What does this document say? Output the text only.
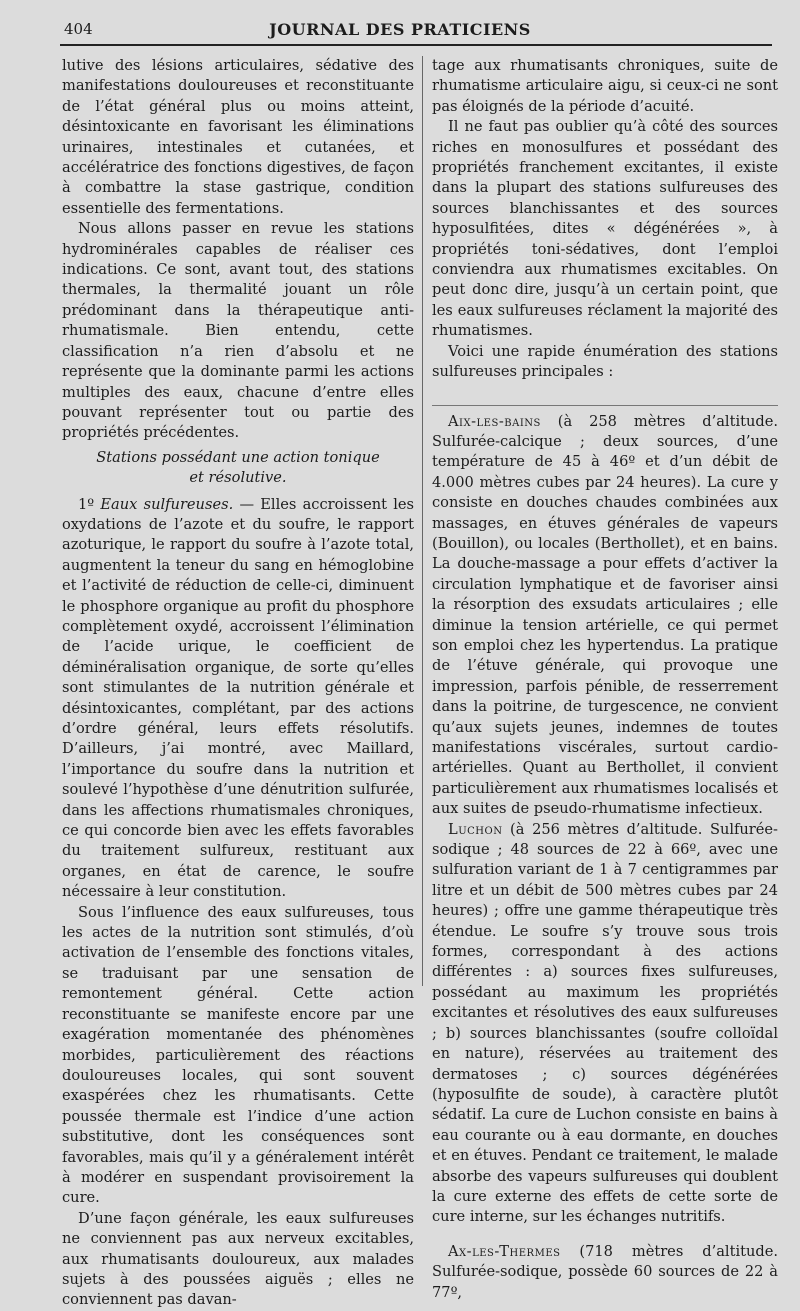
404	JOURNAL DES PRATICIENS

lutive des lésions articulaires, sédative des manifestations douloureuses et reconstituante de l’état général plus ou moins atteint, désintoxicante en favorisant les éliminations urinaires, intestinales et cutanées, et accélératrice des fonctions digestives, de façon à combattre la stase gastrique, condition essentielle des fermentations.

Nous allons passer en revue les stations hydrominérales capables de réaliser ces indications. Ce sont, avant tout, des stations thermales, la thermalité jouant un rôle prédominant dans la thérapeutique anti-rhumatismale. Bien entendu, cette classification n’a rien d’absolu et ne représente que la dominante parmi les actions multiples des eaux, chacune d’entre elles pouvant représenter tout ou partie des propriétés précédentes.

Stations possédant une action tonique
et résolutive.

1º Eaux sulfureuses. — Elles accroissent les oxydations de l’azote et du soufre, le rapport azoturique, le rapport du soufre à l’azote total, augmentent la teneur du sang en hémoglobine et l’activité de réduction de celle-ci, diminuent le phosphore organique au profit du phosphore complètement oxydé, accroissent l’élimination de l’acide urique, le coefficient de déminéralisation organique, de sorte qu’elles sont stimulantes de la nutrition générale et désintoxicantes, complétant, par des actions d’ordre général, leurs effets résolutifs. D’ailleurs, j’ai montré, avec Maillard, l’importance du soufre dans la nutrition et soulevé l’hypothèse d’une dénutrition sulfurée, dans les affections rhumatismales chroniques, ce qui concorde bien avec les effets favorables du traitement sulfureux, restituant aux organes, en état de carence, le soufre nécessaire à leur constitution.

Sous l’influence des eaux sulfureuses, tous les actes de la nutrition sont stimulés, d’où activation de l’ensemble des fonctions vitales, se traduisant par une sensation de remontement général. Cette action reconstituante se manifeste encore par une exagération momentanée des phénomènes morbides, particulièrement des réactions douloureuses locales, qui sont souvent exaspérées chez les rhumatisants. Cette poussée thermale est l’indice d’une action substitutive, dont les conséquences sont favorables, mais qu’il y a généralement intérêt à modérer en suspendant provisoirement la cure.

D’une façon générale, les eaux sulfureuses ne conviennent pas aux nerveux excitables, aux rhumatisants douloureux, aux malades sujets à des poussées aiguës ; elles ne conviennent pas davan-

tage aux rhumatisants chroniques, suite de rhumatisme articulaire aigu, si ceux-ci ne sont pas éloignés de la période d’acuité.

Il ne faut pas oublier qu’à côté des sources riches en monosulfures et possédant des propriétés franchement excitantes, il existe dans la plupart des stations sulfureuses des sources blanchissantes et des sources hyposulfitées, dites « dégénérées », à propriétés toni-sédatives, dont l’emploi conviendra aux rhumatismes excitables. On peut donc dire, jusqu’à un certain point, que les eaux sulfureuses réclament la majorité des rhumatismes.

Voici une rapide énumération des stations sulfureuses principales :

Aix-les-bains (à 258 mètres d’altitude. Sulfurée-calcique ; deux sources, d’une température de 45 à 46º et d’un débit de 4.000 mètres cubes par 24 heures). La cure y consiste en douches chaudes combinées aux massages, en étuves générales de vapeurs (Bouillon), ou locales (Berthollet), et en bains. La douche-massage a pour effets d’activer la circulation lymphatique et de favoriser ainsi la résorption des exsudats articulaires ; elle diminue la tension artérielle, ce qui permet son emploi chez les hypertendus. La pratique de l’étuve générale, qui provoque une impression, parfois pénible, de resserrement dans la poitrine, de turgescence, ne convient qu’aux sujets jeunes, indemnes de toutes manifestations viscérales, surtout cardio-artérielles. Quant au Berthollet, il convient particulièrement aux rhumatismes localisés et aux suites de pseudo-rhumatisme infectieux.

Luchon (à 256 mètres d’altitude. Sulfurée-sodique ; 48 sources de 22 à 66º, avec une sulfuration variant de 1 à 7 centigrammes par litre et un débit de 500 mètres cubes par 24 heures) ; offre une gamme thérapeutique très étendue. Le soufre s’y trouve sous trois formes, correspondant à des actions différentes : a) sources fixes sulfureuses, possédant au maximum les propriétés excitantes et résolutives des eaux sulfureuses ; b) sources blanchissantes (soufre colloïdal en nature), réservées au traitement des dermatoses ; c) sources dégénérées (hyposulfite de soude), à caractère plutôt sédatif. La cure de Luchon consiste en bains à eau courante ou à eau dormante, en douches et en étuves. Pendant ce traitement, le malade absorbe des vapeurs sulfureuses qui doublent la cure externe des effets de cette sorte de cure interne, sur les échanges nutritifs.

Ax-les-Thermes (718 mètres d’altitude. Sulfurée-sodique, possède 60 sources de 22 à 77º,
